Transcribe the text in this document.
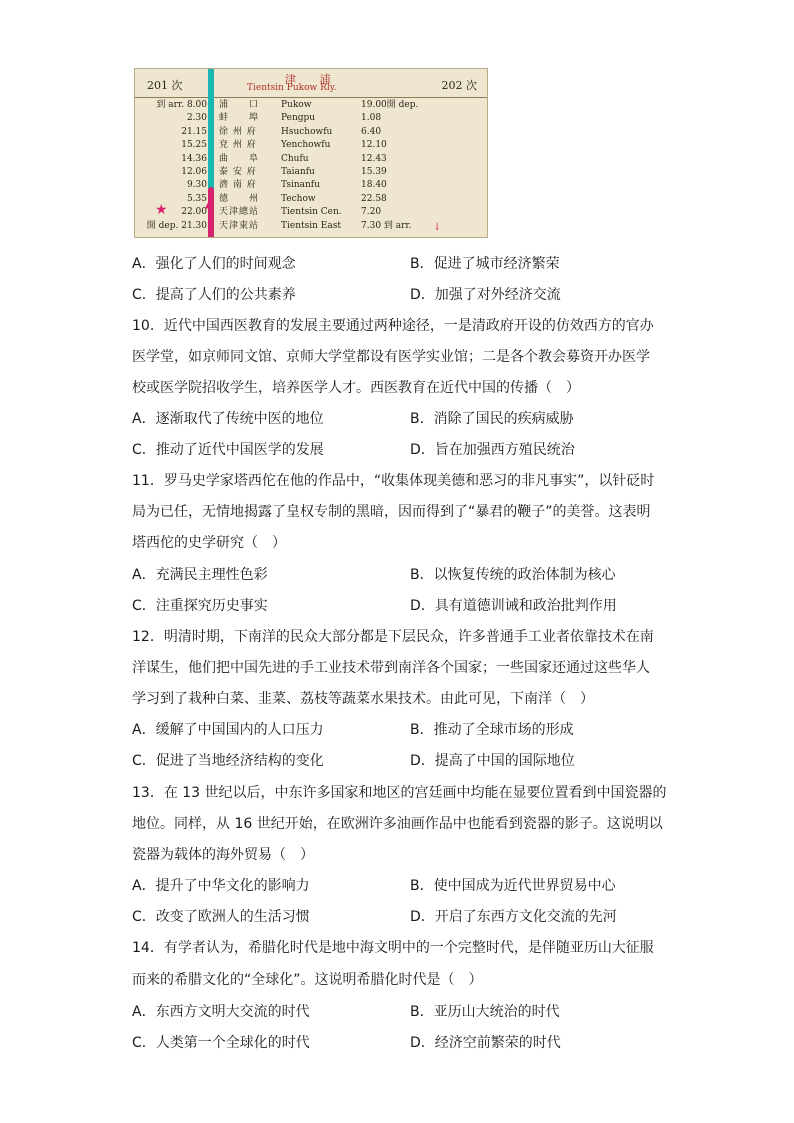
201 次	津 浦
Tientsin Pukow Rly.	202 次
到 arr. 8.00 浦　　口	Pukow	19.00開 dep.
2.30 蚌　　埠	Pengpu	1.08
21.15 徐 州 府	Hsuchowfu	6.40
15.25 兗 州 府	Yenchowfu	12.10
14.36 曲　　阜	Chufu	12.43
12.06 泰 安 府	Taianfu	15.39
9.30 濟 南 府	Tsinanfu	18.40
5.35 德　　州	Techow	22.58
22.00 天津總站	Tientsin Cen. 7.20
開 dep. 21.30 天津東站	Tientsin East 7.30 到 arr.
▲
★
↓
A．强化了人们的时间观念	B．促进了城市经济繁荣
C．提高了人们的公共素养	D．加强了对外经济交流
10．近代中国西医教育的发展主要通过两种途径，一是清政府开设的仿效西方的官办
医学堂，如京师同文馆、京师大学堂都设有医学实业馆；二是各个教会募资开办医学
校或医学院招收学生，培养医学人才。西医教育在近代中国的传播（　）
A．逐渐取代了传统中医的地位	B．消除了国民的疾病威胁
C．推动了近代中国医学的发展	D．旨在加强西方殖民统治
11．罗马史学家塔西佗在他的作品中，“收集体现美德和恶习的非凡事实”，以针砭时
局为已任，无情地揭露了皇权专制的黑暗，因而得到了“暴君的鞭子”的美誉。这表明
塔西佗的史学研究（　）
A．充满民主理性色彩	B．以恢复传统的政治体制为核心
C．注重探究历史事实	D．具有道德训诫和政治批判作用
12．明清时期，下南洋的民众大部分都是下层民众，许多普通手工业者依靠技术在南
洋谋生，他们把中国先进的手工业技术带到南洋各个国家；一些国家还通过这些华人
学习到了栽种白菜、韭菜、荔枝等蔬菜水果技术。由此可见，下南洋（　）
A．缓解了中国国内的人口压力	B．推动了全球市场的形成
C．促进了当地经济结构的变化	D．提高了中国的国际地位
13．在 13 世纪以后，中东许多国家和地区的宫廷画中均能在显要位置看到中国瓷器的
地位。同样，从 16 世纪开始，在欧洲许多油画作品中也能看到瓷器的影子。这说明以
瓷器为载体的海外贸易（　）
A．提升了中华文化的影响力	B．使中国成为近代世界贸易中心
C．改变了欧洲人的生活习惯	D．开启了东西方文化交流的先河
14．有学者认为，希腊化时代是地中海文明中的一个完整时代，是伴随亚历山大征服
而来的希腊文化的“全球化”。这说明希腊化时代是（　）
A．东西方文明大交流的时代	B．亚历山大统治的时代
C．人类第一个全球化的时代	D．经济空前繁荣的时代
